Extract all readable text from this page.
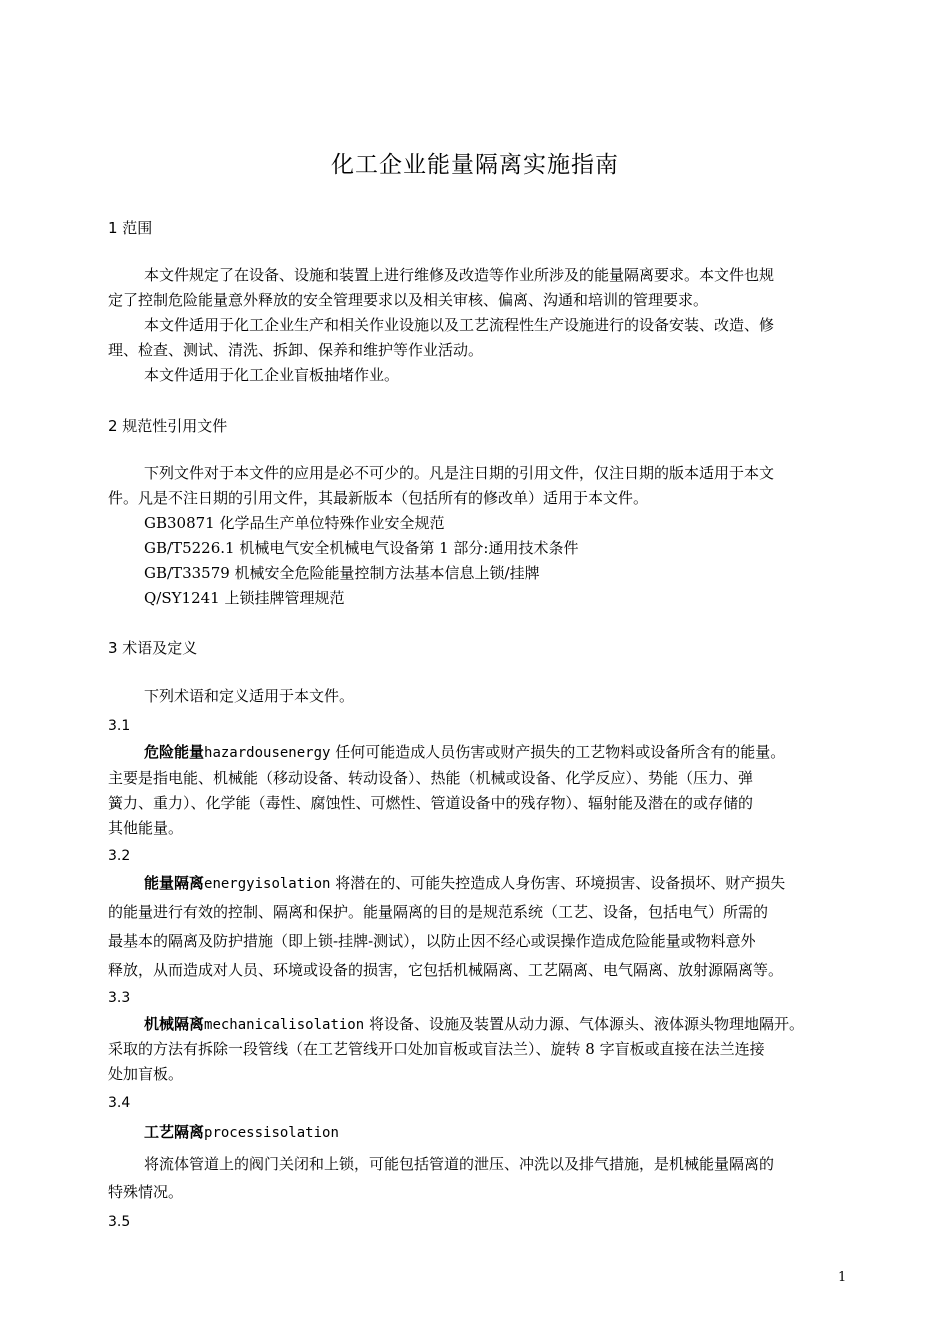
化工企业能量隔离实施指南
1 范围
本文件规定了在设备、设施和装置上进行维修及改造等作业所涉及的能量隔离要求。本文件也规
定了控制危险能量意外释放的安全管理要求以及相关审核、偏离、沟通和培训的管理要求。
本文件适用于化工企业生产和相关作业设施以及工艺流程性生产设施进行的设备安装、改造、修
理、检查、测试、清洗、拆卸、保养和维护等作业活动。
本文件适用于化工企业盲板抽堵作业。
2 规范性引用文件
下列文件对于本文件的应用是必不可少的。凡是注日期的引用文件，仅注日期的版本适用于本文
件。凡是不注日期的引用文件，其最新版本（包括所有的修改单）适用于本文件。
GB30871 化学品生产单位特殊作业安全规范
GB/T5226.1 机械电气安全机械电气设备第 1 部分:通用技术条件
GB/T33579 机械安全危险能量控制方法基本信息上锁/挂牌
Q/SY1241 上锁挂牌管理规范
3 术语及定义
下列术语和定义适用于本文件。
3.1
危险能量hazardousenergy 任何可能造成人员伤害或财产损失的工艺物料或设备所含有的能量。
主要是指电能、机械能（移动设备、转动设备）、热能（机械或设备、化学反应）、势能（压力、弹
簧力、重力）、化学能（毒性、腐蚀性、可燃性、管道设备中的残存物）、辐射能及潜在的或存储的
其他能量。
3.2
能量隔离energyisolation 将潜在的、可能失控造成人身伤害、环境损害、设备损坏、财产损失
的能量进行有效的控制、隔离和保护。能量隔离的目的是规范系统（工艺、设备，包括电气）所需的
最基本的隔离及防护措施（即上锁-挂牌-测试），以防止因不经心或误操作造成危险能量或物料意外
释放，从而造成对人员、环境或设备的损害，它包括机械隔离、工艺隔离、电气隔离、放射源隔离等。
3.3
机械隔离mechanicalisolation 将设备、设施及装置从动力源、气体源头、液体源头物理地隔开。
采取的方法有拆除一段管线（在工艺管线开口处加盲板或盲法兰）、旋转 8 字盲板或直接在法兰连接
处加盲板。
3.4
工艺隔离processisolation
将流体管道上的阀门关闭和上锁，可能包括管道的泄压、冲洗以及排气措施，是机械能量隔离的
特殊情况。
3.5
1
